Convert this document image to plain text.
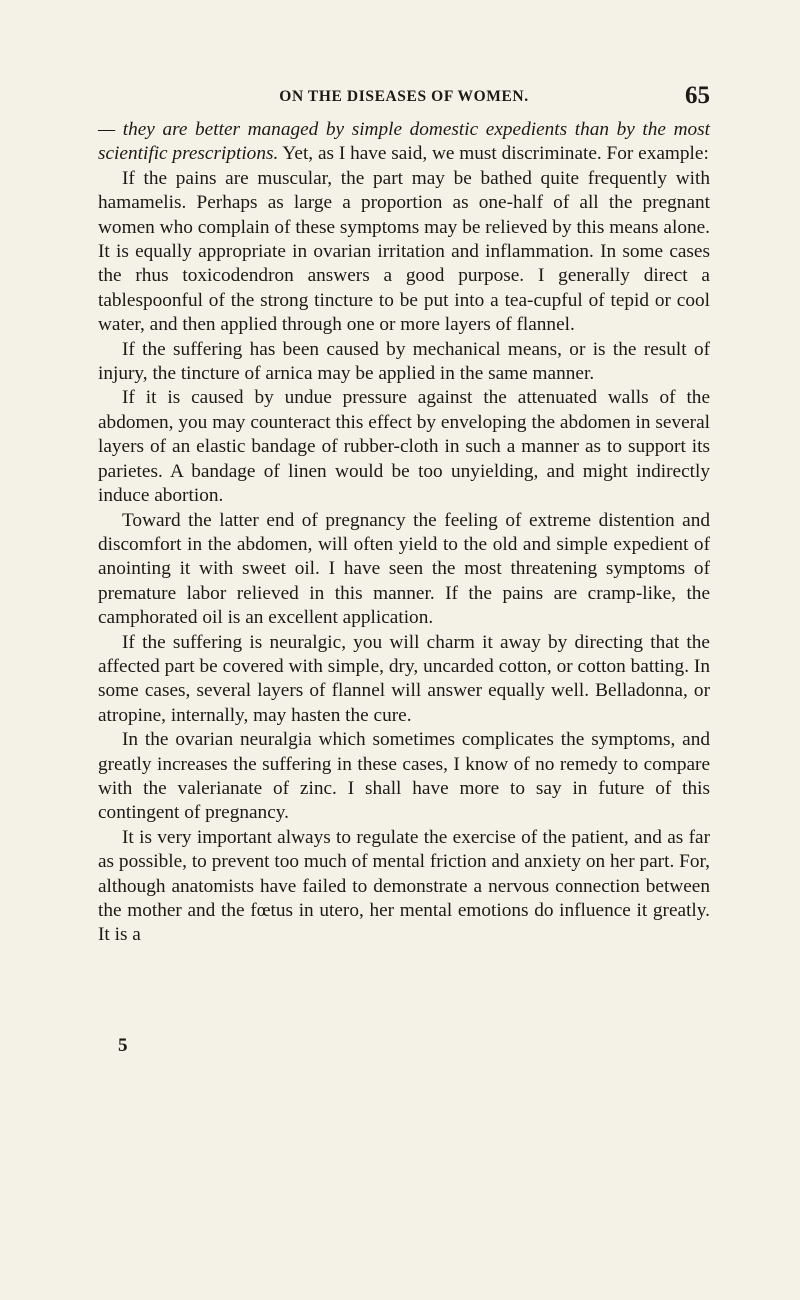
ON THE DISEASES OF WOMEN.	65

— they are better managed by simple domestic expedients than by the most scientific prescriptions. Yet, as I have said, we must discriminate. For example:

If the pains are muscular, the part may be bathed quite frequently with hamamelis. Perhaps as large a proportion as one-half of all the pregnant women who complain of these symptoms may be relieved by this means alone. It is equally appropriate in ovarian irritation and inflammation. In some cases the rhus toxicodendron answers a good purpose. I generally direct a tablespoonful of the strong tincture to be put into a tea-cupful of tepid or cool water, and then applied through one or more layers of flannel.

If the suffering has been caused by mechanical means, or is the result of injury, the tincture of arnica may be applied in the same manner.

If it is caused by undue pressure against the attenuated walls of the abdomen, you may counteract this effect by enveloping the abdomen in several layers of an elastic bandage of rubber-cloth in such a manner as to support its parietes. A bandage of linen would be too unyielding, and might indirectly induce abortion.

Toward the latter end of pregnancy the feeling of extreme distention and discomfort in the abdomen, will often yield to the old and simple expedient of anointing it with sweet oil. I have seen the most threatening symptoms of premature labor relieved in this manner. If the pains are cramp-like, the camphorated oil is an excellent application.

If the suffering is neuralgic, you will charm it away by directing that the affected part be covered with simple, dry, uncarded cotton, or cotton batting. In some cases, several layers of flannel will answer equally well. Belladonna, or atropine, internally, may hasten the cure.

In the ovarian neuralgia which sometimes complicates the symptoms, and greatly increases the suffering in these cases, I know of no remedy to compare with the valerianate of zinc. I shall have more to say in future of this contingent of pregnancy.

It is very important always to regulate the exercise of the patient, and as far as possible, to prevent too much of mental friction and anxiety on her part. For, although anatomists have failed to demonstrate a nervous connection between the mother and the fœtus in utero, her mental emotions do influence it greatly. It is a

5
